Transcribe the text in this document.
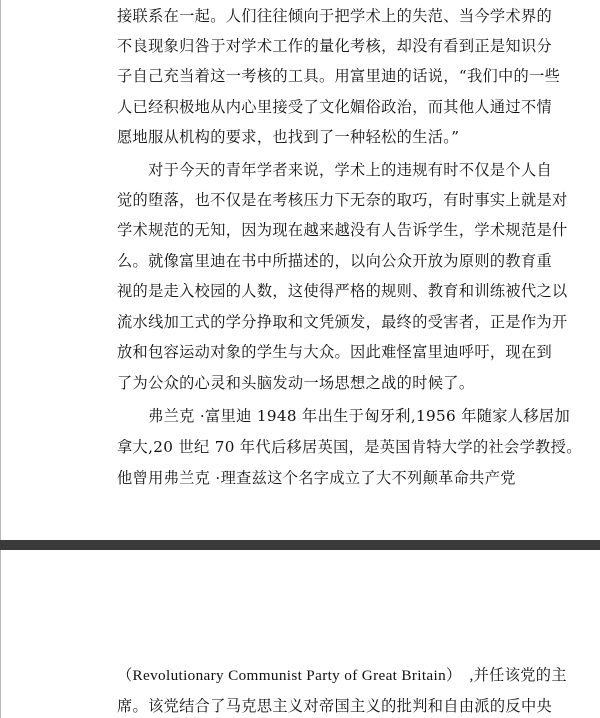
接联系在一起。人们往往倾向于把学术上的失范、当今学术界的
不良现象归咎于对学术工作的量化考核，却没有看到正是知识分
子自己充当着这一考核的工具。用富里迪的话说，“我们中的一些
人已经积极地从内心里接受了文化媚俗政治，而其他人通过不情
愿地服从机构的要求，也找到了一种轻松的生活。”
　　对于今天的青年学者来说，学术上的违规有时不仅是个人自
觉的堕落，也不仅是在考核压力下无奈的取巧，有时事实上就是对
学术规范的无知，因为现在越来越没有人告诉学生，学术规范是什
么。就像富里迪在书中所描述的，以向公众开放为原则的教育重
视的是走入校园的人数，这使得严格的规则、教育和训练被代之以
流水线加工式的学分挣取和文凭颁发，最终的受害者，正是作为开
放和包容运动对象的学生与大众。因此难怪富里迪呼吁，现在到
了为公众的心灵和头脑发动一场思想之战的时候了。
　　弗兰克 ·富里迪 1948 年出生于匈牙利,1956 年随家人移居加
拿大,20 世纪 70 年代后移居英国，是英国肯特大学的社会学教授。
他曾用弗兰克 ·理查兹这个名字成立了大不列颠革命共产党
（Revolutionary Communist Party of Great Britain）　,并任该党的主
席。该党结合了马克思主义对帝国主义的批判和自由派的反中央
